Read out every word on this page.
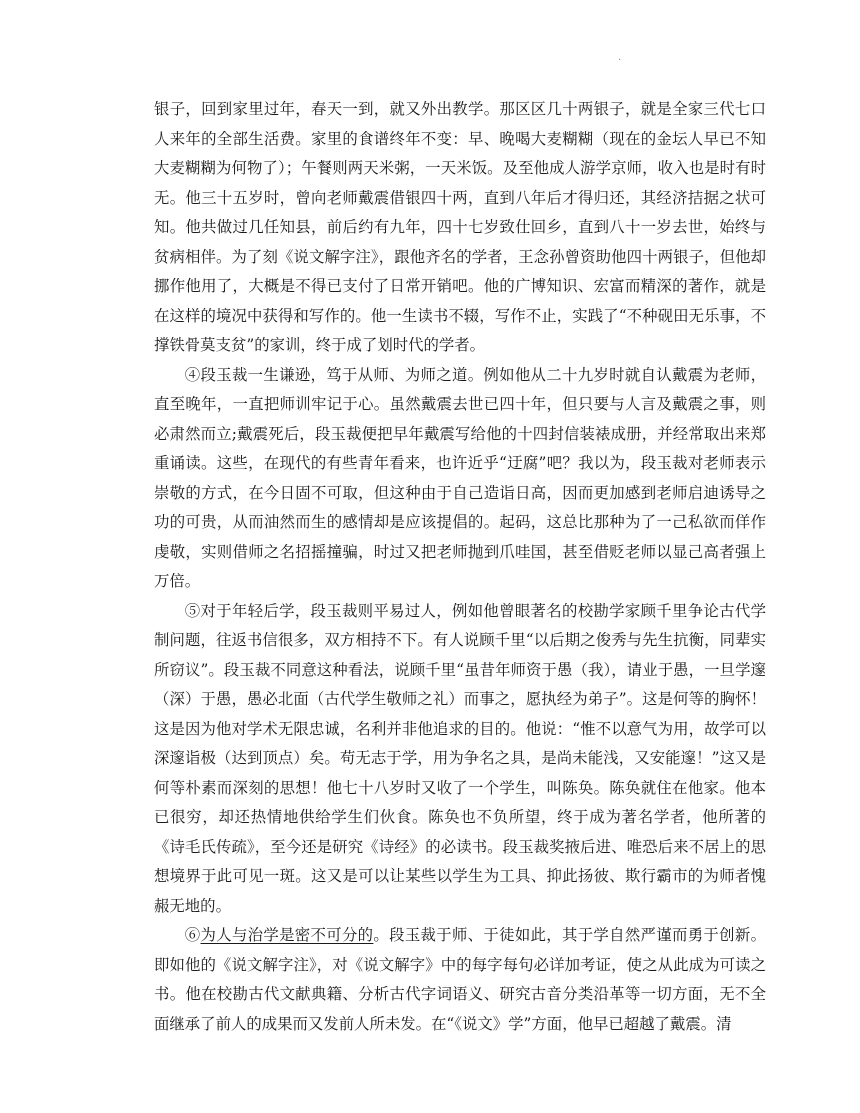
.

银子，回到家里过年，春天一到，就又外出教学。那区区几十两银子，就是全家三代七口人来年的全部生活费。家里的食谱终年不变：早、晚喝大麦糊糊（现在的金坛人早已不知大麦糊糊为何物了）；午餐则两天米粥，一天米饭。及至他成人游学京师，收入也是时有时无。他三十五岁时，曾向老师戴震借银四十两，直到八年后才得归还，其经济拮据之状可知。他共做过几任知县，前后约有九年，四十七岁致仕回乡，直到八十一岁去世，始终与贫病相伴。为了刻《说文解字注》，跟他齐名的学者，王念孙曾资助他四十两银子，但他却挪作他用了，大概是不得已支付了日常开销吧。他的广博知识、宏富而精深的著作，就是在这样的境况中获得和写作的。他一生读书不辍，写作不止，实践了“不种砚田无乐事，不撑铁骨莫支贫”的家训，终于成了划时代的学者。

④段玉裁一生谦逊，笃于从师、为师之道。例如他从二十九岁时就自认戴震为老师，直至晚年，一直把师训牢记于心。虽然戴震去世已四十年，但只要与人言及戴震之事，则必肃然而立;戴震死后，段玉裁便把早年戴震写给他的十四封信装裱成册，并经常取出来郑重诵读。这些，在现代的有些青年看来，也许近乎“迂腐”吧？我以为，段玉裁对老师表示崇敬的方式，在今日固不可取，但这种由于自己造诣日高，因而更加感到老师启迪诱导之功的可贵，从而油然而生的感情却是应该提倡的。起码，这总比那种为了一己私欲而佯作虔敬，实则借师之名招摇撞骗，时过又把老师抛到爪哇国，甚至借贬老师以显己高者强上万倍。

⑤对于年轻后学，段玉裁则平易过人，例如他曾眼著名的校勘学家顾千里争论古代学制问题，往返书信很多，双方相持不下。有人说顾千里“以后期之俊秀与先生抗衡，同辈实所窃议”。段玉裁不同意这种看法，说顾千里“虽昔年师资于愚（我），请业于愚，一旦学邃（深）于愚，愚必北面（古代学生敬师之礼）而事之，愿执经为弟子”。这是何等的胸怀！这是因为他对学术无限忠诚，名利并非他追求的目的。他说：“惟不以意气为用，故学可以深邃诣极（达到顶点）矣。苟无志于学，用为争名之具，是尚未能浅，又安能邃！”这又是何等朴素而深刻的思想！他七十八岁时又收了一个学生，叫陈奂。陈奂就住在他家。他本已很穷，却还热情地供给学生们伙食。陈奂也不负所望，终于成为著名学者，他所著的《诗毛氏传疏》，至今还是研究《诗经》的必读书。段玉裁奖掖后进、唯恐后来不居上的思想境界于此可见一斑。这又是可以让某些以学生为工具、抑此扬彼、欺行霸市的为师者愧赧无地的。

⑥为人与治学是密不可分的。段玉裁于师、于徒如此，其于学自然严谨而勇于创新。即如他的《说文解字注》，对《说文解字》中的每字每句必详加考证，使之从此成为可读之书。他在校勘古代文献典籍、分析古代字词语义、研究古音分类沿革等一切方面，无不全面继承了前人的成果而又发前人所未发。在“《说文》学”方面，他早已超越了戴震。清
